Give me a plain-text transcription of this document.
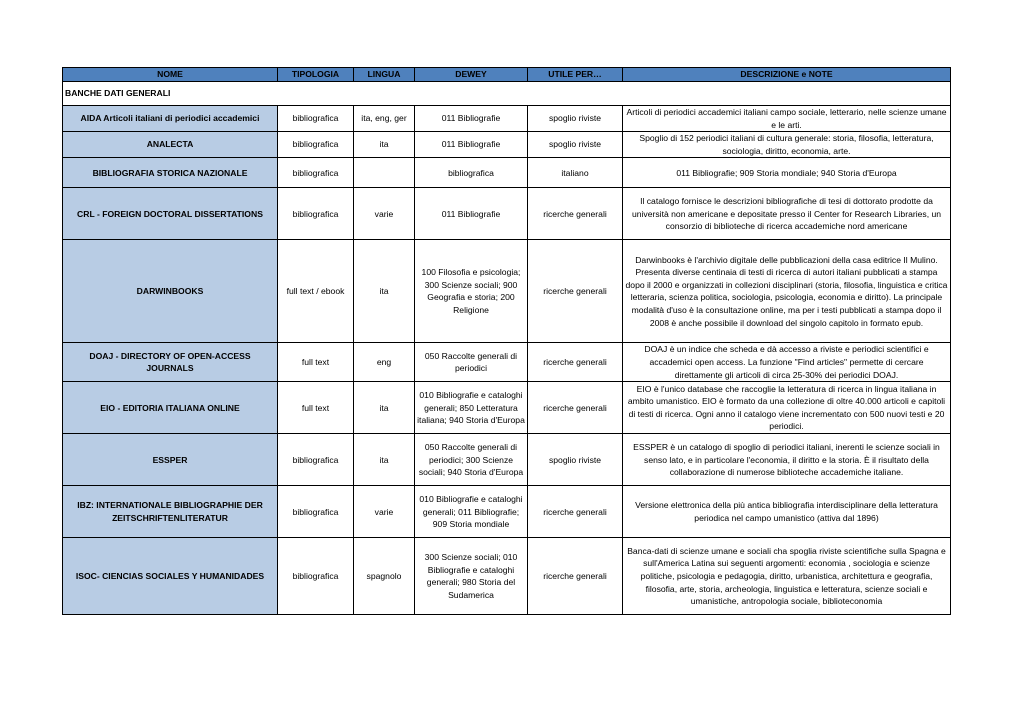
BANCHE DATI GENERALI					
NOME	TIPOLOGIA	LINGUA	DEWEY	UTILE PER…	DESCRIZIONE e NOTE
AIDA Articoli italiani di periodici accademici	bibliografica	ita, eng, ger	011 Bibliografie	spoglio riviste	Articoli di periodici accademici italiani campo sociale, letterario, nelle scienze umane e le arti.
ANALECTA	bibliografica	ita	011 Bibliografie	spoglio riviste	Spoglio di 152 periodici italiani di cultura generale: storia, filosofia, letteratura, sociologia, diritto, economia, arte.
BIBLIOGRAFIA STORICA NAZIONALE	bibliografica		bibliografica	italiano	011 Bibliografie; 909 Storia mondiale; 940 Storia d'Europa
CRL - FOREIGN DOCTORAL DISSERTATIONS	bibliografica	varie	011 Bibliografie	ricerche generali	Il catalogo fornisce le descrizioni bibliografiche di tesi di dottorato prodotte da università non americane e depositate presso il Center for Research Libraries, un consorzio di biblioteche di ricerca accademiche nord americane
DARWINBOOKS	full text / ebook	ita	100 Filosofia e psicologia; 300 Scienze sociali; 900 Geografia e storia; 200 Religione	ricerche generali	Darwinbooks è l'archivio digitale delle pubblicazioni della casa editrice Il Mulino. Presenta diverse centinaia di testi di ricerca di autori italiani pubblicati a stampa dopo il 2000 e organizzati in collezioni disciplinari (storia, filosofia, linguistica e critica letteraria, scienza politica, sociologia, psicologia, economia e diritto). La principale modalità d'uso è la consultazione online, ma per i testi pubblicati a stampa dopo il 2008 è anche possibile il download del singolo capitolo in formato epub.
DOAJ - DIRECTORY OF OPEN-ACCESS JOURNALS	full text	eng	050 Raccolte generali di periodici	ricerche generali	DOAJ è un indice che scheda e dà accesso a riviste e periodici scientifici e accademici open access. La funzione "Find articles" permette di cercare direttamente gli articoli di circa 25-30% dei periodici DOAJ.
EIO - EDITORIA ITALIANA ONLINE	full text	ita	010 Bibliografie e cataloghi generali; 850 Letteratura italiana; 940 Storia d'Europa	ricerche generali	EIO è l'unico database che raccoglie la letteratura di ricerca in lingua italiana in ambito umanistico. EIO è formato da una collezione di oltre 40.000 articoli e capitoli di testi di ricerca. Ogni anno il catalogo viene incrementato con 500 nuovi testi e 20 periodici.
ESSPER	bibliografica	ita	050 Raccolte generali di periodici; 300 Scienze sociali; 940 Storia d'Europa	spoglio riviste	ESSPER è un catalogo di spoglio di periodici italiani, inerenti le scienze sociali in senso lato, e in particolare l'economia, il diritto e la storia. È il risultato della collaborazione di numerose biblioteche accademiche italiane.
IBZ: INTERNATIONALE BIBLIOGRAPHIE DER ZEITSCHRIFTENLITERATUR	bibliografica	varie	010 Bibliografie e cataloghi generali; 011 Bibliografie; 909 Storia mondiale	ricerche generali	Versione elettronica della più antica bibliografia interdisciplinare della letteratura periodica nel campo umanistico (attiva dal 1896)
ISOC- CIENCIAS SOCIALES Y HUMANIDADES	bibliografica	spagnolo	300 Scienze sociali; 010 Bibliografie e cataloghi generali; 980 Storia del Sudamerica	ricerche generali	Banca-dati di scienze umane e sociali cha spoglia riviste scientifiche sulla Spagna e sull'America Latina sui seguenti argomenti: economia , sociologia e scienze politiche, psicologia e pedagogia, diritto, urbanistica, architettura e geografia, filosofia, arte, storia, archeologia, linguistica e letteratura, scienze sociali e umanistiche, antropologia sociale, biblioteconomia
